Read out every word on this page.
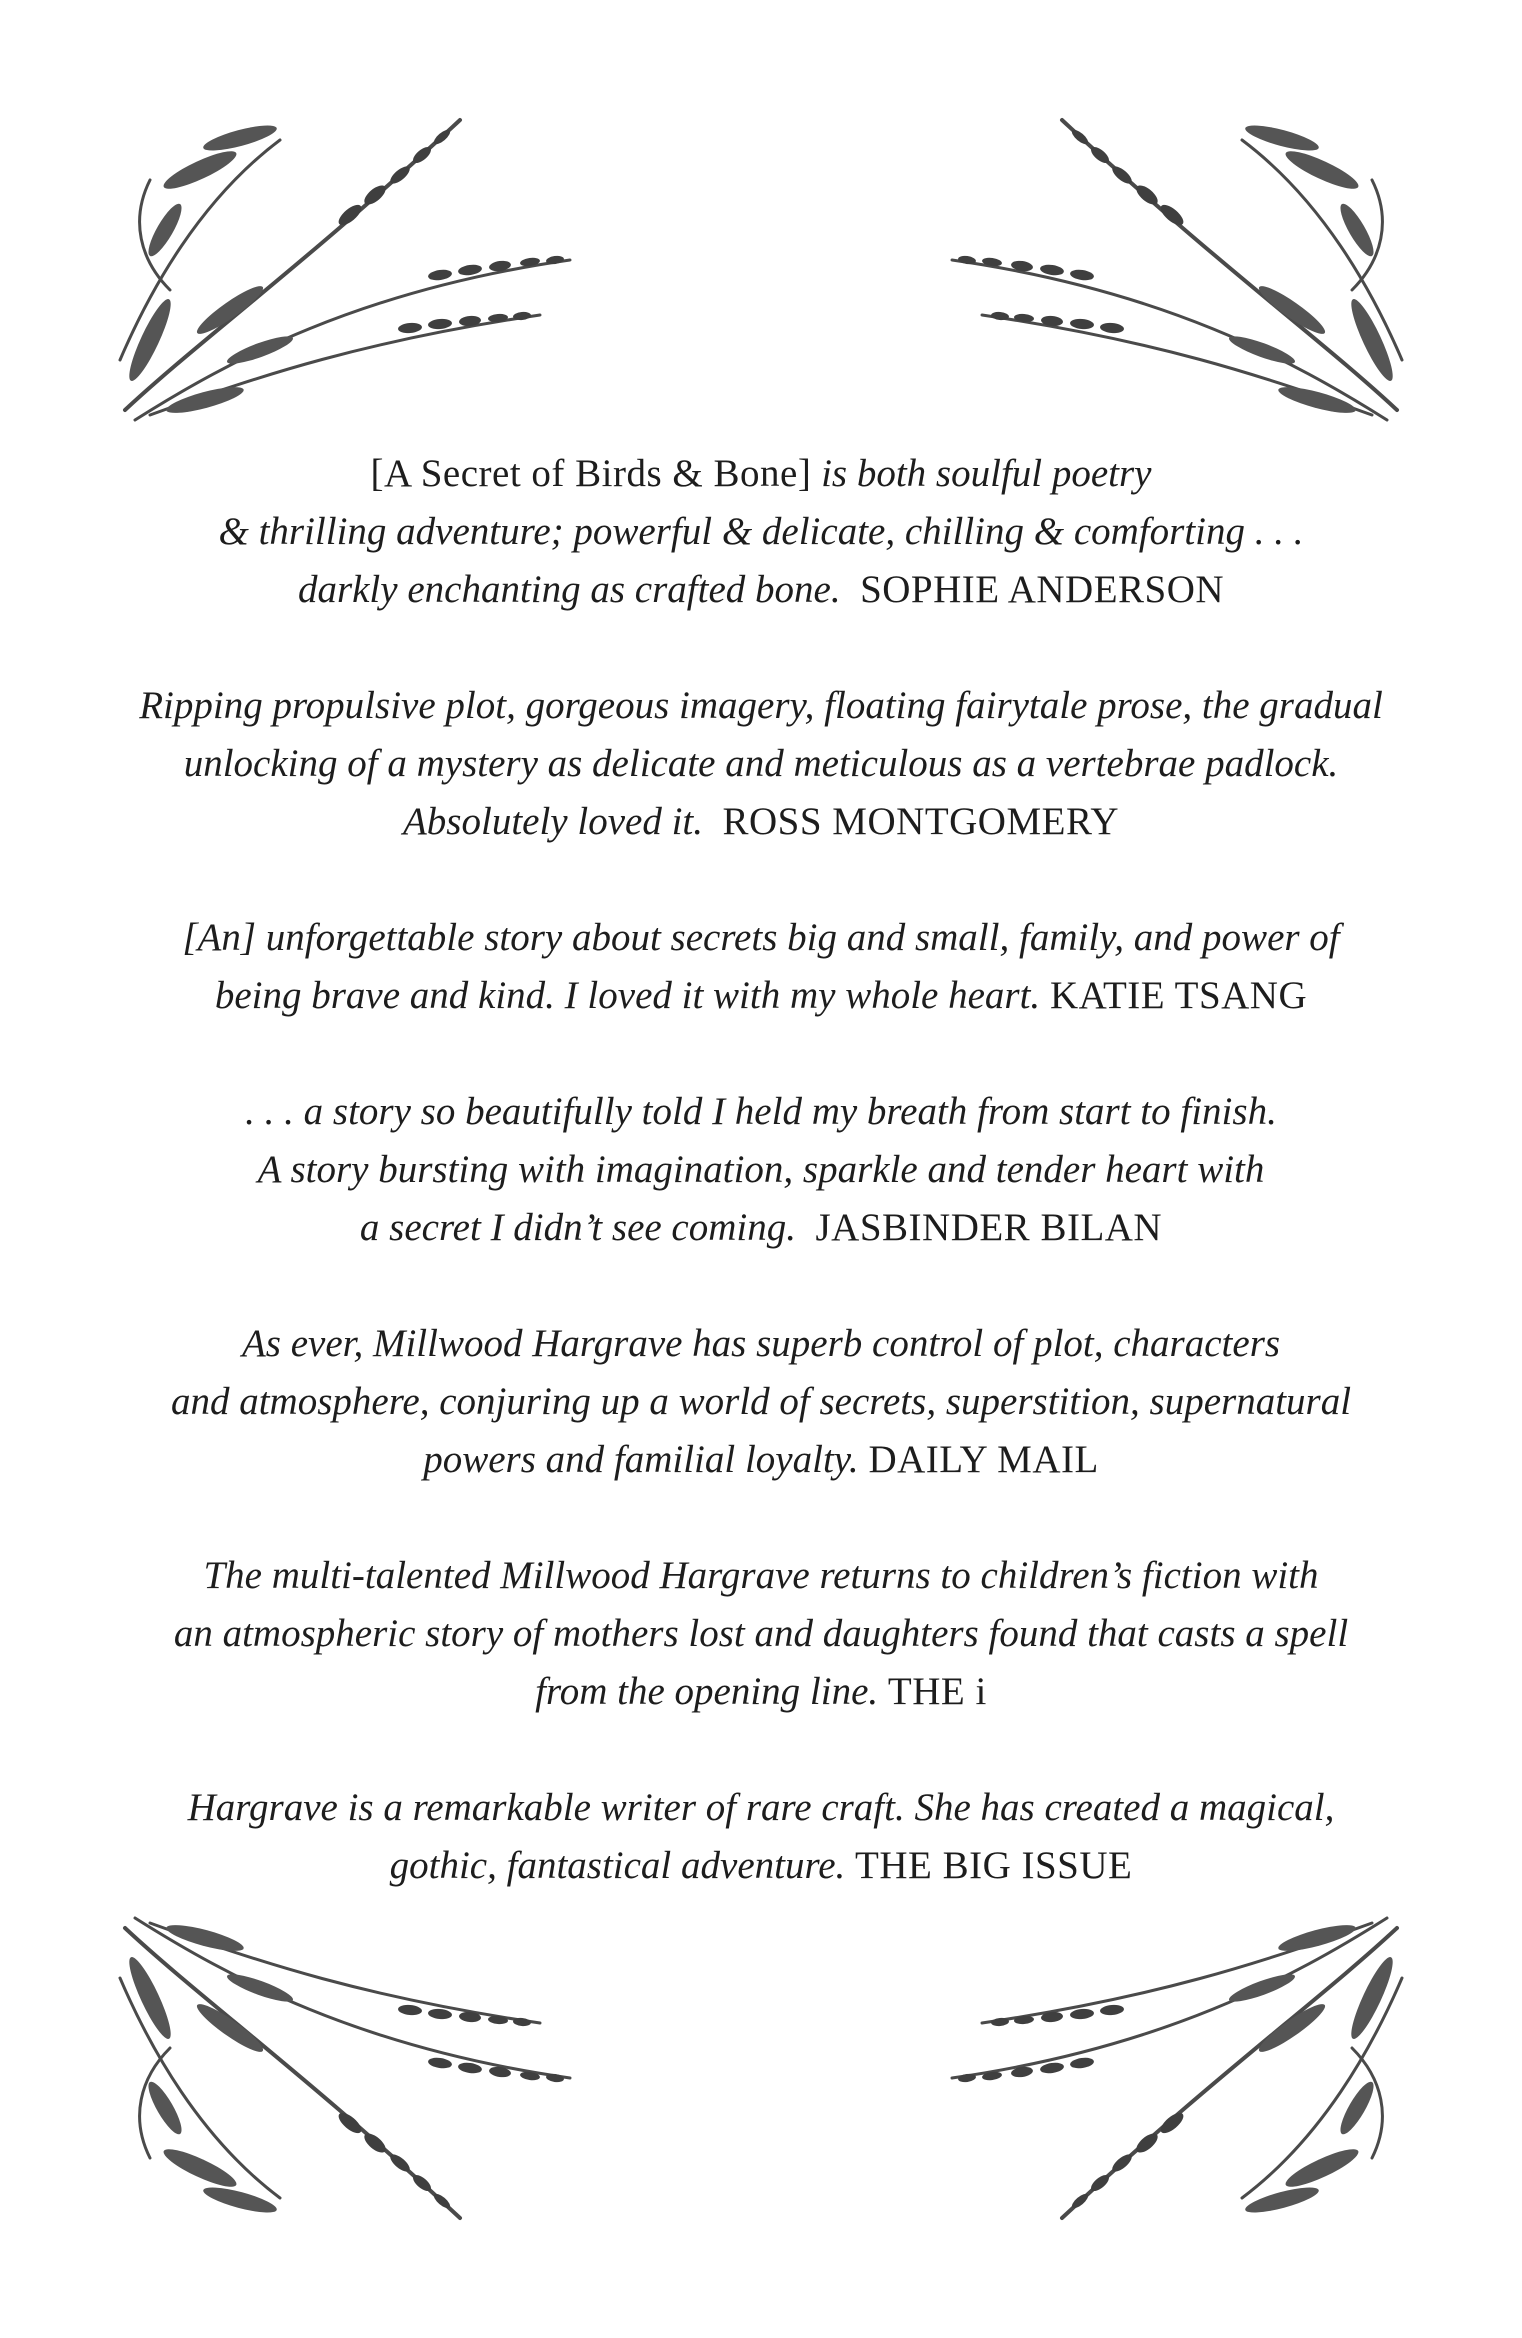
[A Secret of Birds & Bone] is both soulful poetry
& thrilling adventure; powerful & delicate, chilling & comforting . . .
darkly enchanting as crafted bone. SOPHIE ANDERSON

Ripping propulsive plot, gorgeous imagery, floating fairytale prose, the gradual
unlocking of a mystery as delicate and meticulous as a vertebrae padlock.
Absolutely loved it. ROSS MONTGOMERY

[An] unforgettable story about secrets big and small, family, and power of
being brave and kind. I loved it with my whole heart. KATIE TSANG

. . . a story so beautifully told I held my breath from start to finish.
A story bursting with imagination, sparkle and tender heart with
a secret I didn’t see coming. JASBINDER BILAN

As ever, Millwood Hargrave has superb control of plot, characters
and atmosphere, conjuring up a world of secrets, superstition, supernatural
powers and familial loyalty. DAILY MAIL

The multi-talented Millwood Hargrave returns to children’s fiction with
an atmospheric story of mothers lost and daughters found that casts a spell
from the opening line. THE i

Hargrave is a remarkable writer of rare craft. She has created a magical,
gothic, fantastical adventure. THE BIG ISSUE
